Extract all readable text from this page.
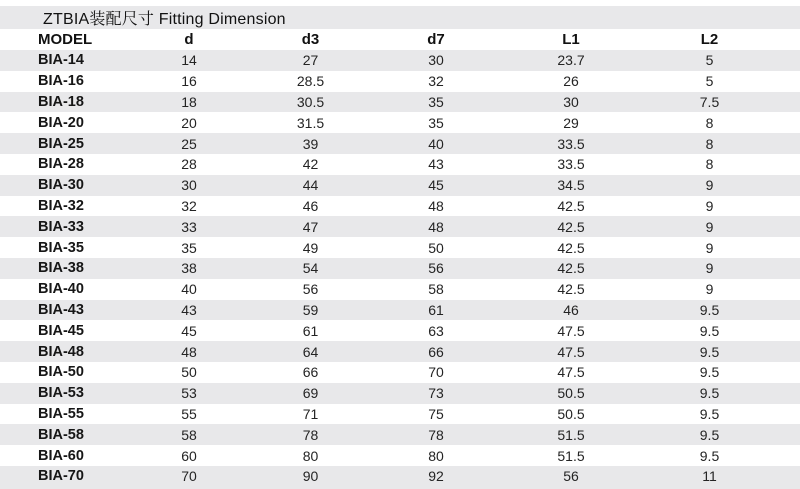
ZTBIA装配尺寸 Fitting Dimension
MODEL	d	d3	d7	L1	L2
BIA-14	14	27	30	23.7	5
BIA-16	16	28.5	32	26	5
BIA-18	18	30.5	35	30	7.5
BIA-20	20	31.5	35	29	8
BIA-25	25	39	40	33.5	8
BIA-28	28	42	43	33.5	8
BIA-30	30	44	45	34.5	9
BIA-32	32	46	48	42.5	9
BIA-33	33	47	48	42.5	9
BIA-35	35	49	50	42.5	9
BIA-38	38	54	56	42.5	9
BIA-40	40	56	58	42.5	9
BIA-43	43	59	61	46	9.5
BIA-45	45	61	63	47.5	9.5
BIA-48	48	64	66	47.5	9.5
BIA-50	50	66	70	47.5	9.5
BIA-53	53	69	73	50.5	9.5
BIA-55	55	71	75	50.5	9.5
BIA-58	58	78	78	51.5	9.5
BIA-60	60	80	80	51.5	9.5
BIA-70	70	90	92	56	11
